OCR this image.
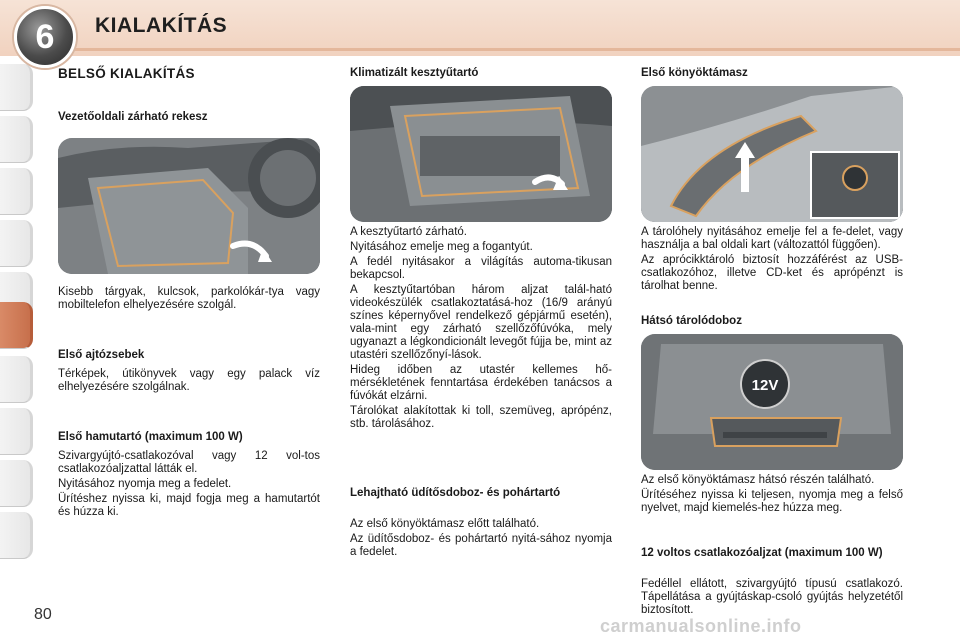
6	KIALAKÍTÁS
BELSŐ KIALAKÍTÁS
Vezetőoldali zárható rekesz

Kisebb tárgyak, kulcsok, parkolókár-tya vagy mobiltelefon elhelyezésére szolgál.

Első ajtózsebek

Térképek, útikönyvek vagy egy palack víz elhelyezésére szolgálnak.

Első hamutartó (maximum 100 W)

Szivargyújtó-csatlakozóval vagy 12 vol-tos csatlakozóaljzattal látták el.

Nyitásához nyomja meg a fedelet.

Ürítéshez nyissa ki, majd fogja meg a hamutartót és húzza ki.

Klimatizált kesztyűtartó

A kesztyűtartó zárható.

Nyitásához emelje meg a fogantyút.

A fedél nyitásakor a világítás automa-tikusan bekapcsol.

A kesztyűtartóban három aljzat talál-ható videokészülék csatlakoztatásá-hoz (16/9 arányú színes képernyővel rendelkező gépjármű esetén), vala-mint egy zárható szellőzőfúvóka, mely ugyanazt a légkondicionált levegőt fújja be, mint az utastéri szellőzőnyí-lások.

Hideg időben az utastér kellemes hő-mérsékletének fenntartása érdekében tanácsos a fúvókát elzárni.

Tárolókat alakítottak ki toll, szemüveg, aprópénz, stb. tárolásához.

Lehajtható üdítősdoboz- és pohártartó

Az első könyöktámasz előtt található.

Az üdítősdoboz- és pohártartó nyitá-sához nyomja a fedelet.

Első könyöktámasz

A tárolóhely nyitásához emelje fel a fe-delet, vagy használja a bal oldali kart (változattól függően).

Az aprócikktároló biztosít hozzáférést az USB-csatlakozóhoz, illetve CD-ket és aprópénzt is tárolhat benne.

Hátsó tárolódoboz
12V

Az első könyöktámasz hátsó részén található.

Ürítéséhez nyissa ki teljesen, nyomja meg a felső nyelvet, majd kiemelés-hez húzza meg.

12 voltos csatlakozóaljzat (maximum 100 W)

Fedéllel ellátott, szivargyújtó típusú csatlakozó. Tápellátása a gyújtáskap-csoló gyújtás helyzetétől biztosított.

80
carmanualsonline.info
